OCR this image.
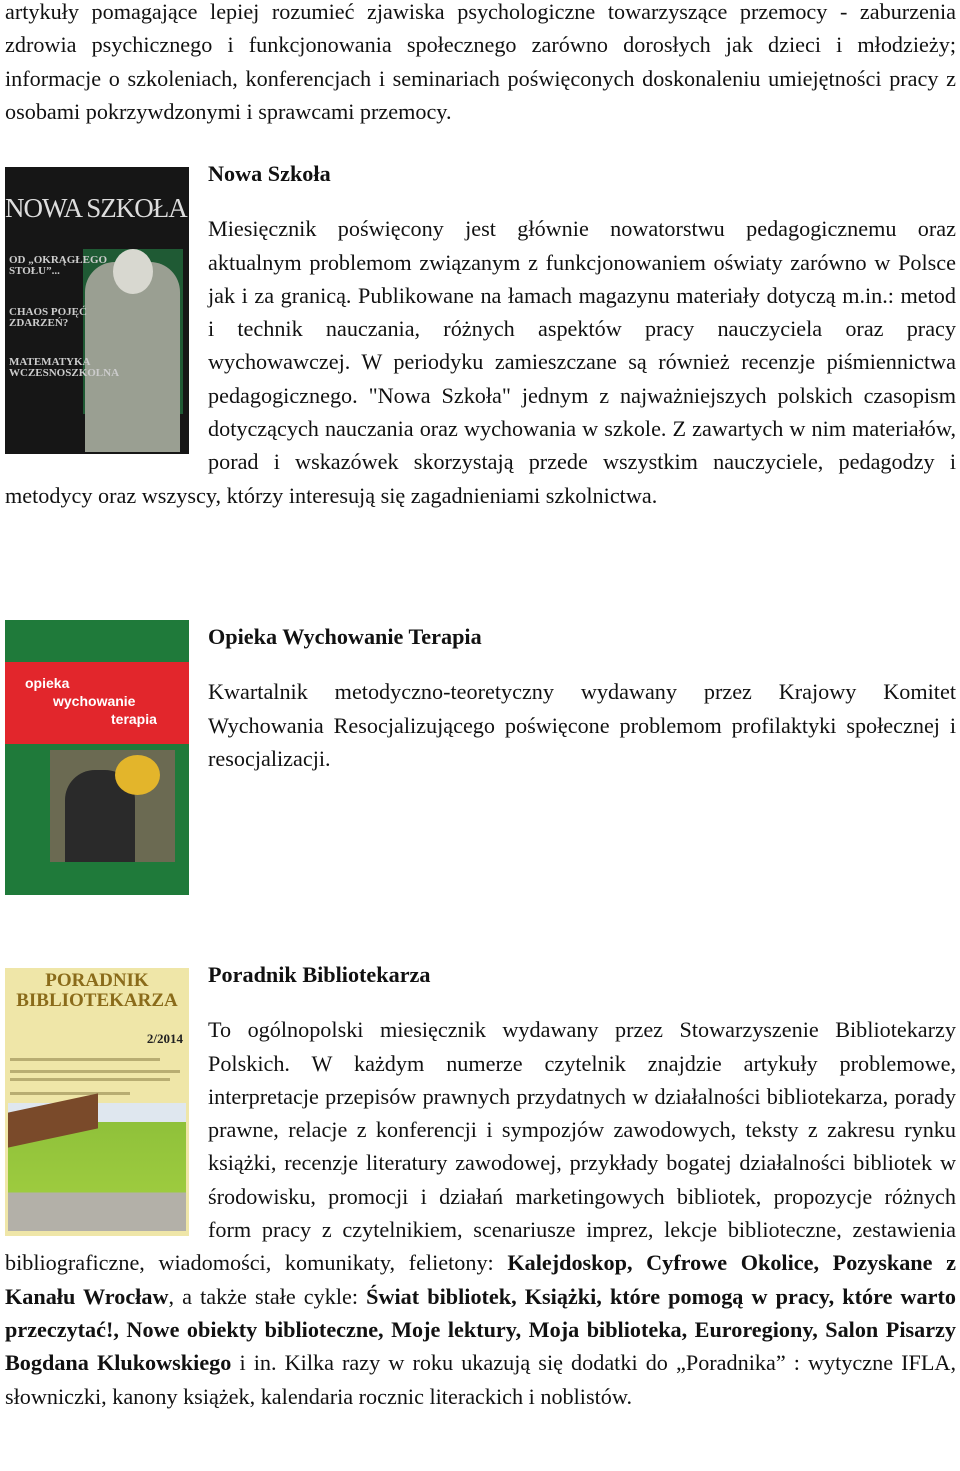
artykuły pomagające lepiej rozumieć zjawiska psychologiczne towarzyszące przemocy - zaburzenia zdrowia psychicznego i funkcjonowania społecznego zarówno dorosłych jak dzieci i młodzieży; informacje o szkoleniach, konferencjach i seminariach poświęconych doskonaleniu umiejętności pracy z osobami pokrzywdzonymi i sprawcami przemocy.

NOWA SZKOŁA
OD „OKRĄGŁEGO
STOŁU”...
CHAOS POJĘĆ
ZDARZEŃ?
MATEMATYKA
WCZESNOSZKOLNA
Nowa Szkoła

Miesięcznik poświęcony jest głównie nowatorstwu pedagogicznemu oraz aktualnym problemom związanym z funkcjonowaniem oświaty zarówno w Polsce jak i za granicą. Publikowane na łamach magazynu materiały dotyczą m.in.: metod i technik nauczania, różnych aspektów pracy nauczyciela oraz pracy wychowawczej. W periodyku zamieszczane są również recenzje piśmiennictwa pedagogicznego. "Nowa Szkoła" jednym z najważniejszych polskich czasopism dotyczących nauczania oraz wychowania w szkole. Z zawartych w nim materiałów, porad i wskazówek skorzystają przede wszystkim nauczyciele, pedagodzy i metodycy oraz wszyscy, którzy interesują się zagadnieniami szkolnictwa.

opieka
wychowanie
terapia
Opieka Wychowanie Terapia

Kwartalnik metodyczno-teoretyczny wydawany przez Krajowy Komitet Wychowania Resocjalizującego poświęcone problemom profilaktyki społecznej i resocjalizacji.

PORADNIK
BIBLIOTEKARZA
2/2014
Poradnik Bibliotekarza

To ogólnopolski miesięcznik wydawany przez Stowarzyszenie Bibliotekarzy Polskich. W każdym numerze czytelnik znajdzie artykuły problemowe, interpretacje przepisów prawnych przydatnych w działalności bibliotekarza, porady prawne, relacje z konferencji i sympozjów zawodowych, teksty z zakresu rynku książki, recenzje literatury zawodowej, przykłady bogatej działalności bibliotek w środowisku, promocji i działań marketingowych bibliotek, propozycje różnych form pracy z czytelnikiem, scenariusze imprez, lekcje biblioteczne, zestawienia bibliograficzne, wiadomości, komunikaty, felietony: Kalejdoskop, Cyfrowe Okolice, Pozyskane z Kanału Wrocław, a także stałe cykle: Świat bibliotek, Książki, które pomogą w pracy, które warto przeczytać!, Nowe obiekty biblioteczne, Moje lektury, Moja biblioteka, Euroregiony, Salon Pisarzy Bogdana Klukowskiego i in. Kilka razy w roku ukazują się dodatki do „Poradnika” : wytyczne IFLA, słowniczki, kanony książek, kalendaria rocznic literackich i noblistów.
